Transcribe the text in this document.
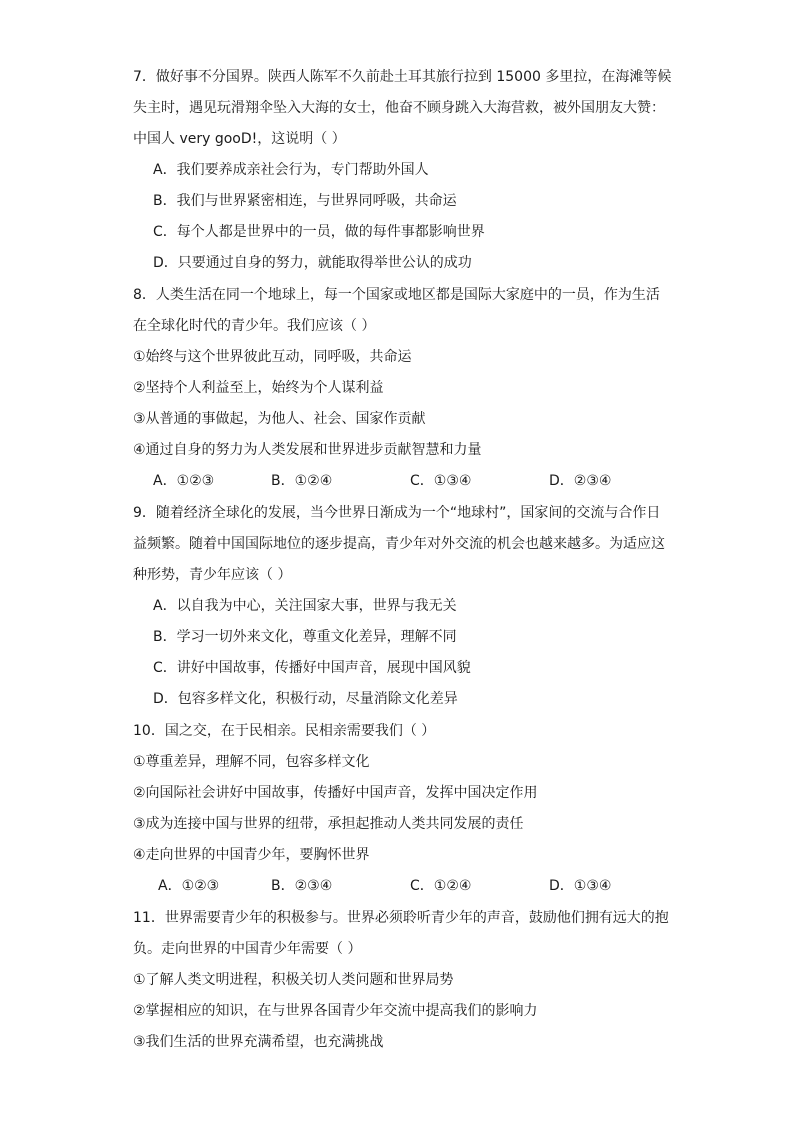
7．做好事不分国界。陕西人陈军不久前赴土耳其旅行拉到 15000 多里拉，在海滩等候
失主时，遇见玩滑翔伞坠入大海的女士，他奋不顾身跳入大海营救，被外国朋友大赞：
中国人 very gooD!，这说明（ ）
A．我们要养成亲社会行为，专门帮助外国人
B．我们与世界紧密相连，与世界同呼吸，共命运
C．每个人都是世界中的一员，做的每件事都影响世界
D．只要通过自身的努力，就能取得举世公认的成功
8．人类生活在同一个地球上，每一个国家或地区都是国际大家庭中的一员，作为生活
在全球化时代的青少年。我们应该（ ）
①始终与这个世界彼此互动，同呼吸，共命运
②坚持个人利益至上，始终为个人谋利益
③从普通的事做起，为他人、社会、国家作贡献
④通过自身的努力为人类发展和世界进步贡献智慧和力量
A．①②③	B．①②④	C．①③④	D．②③④
9．随着经济全球化的发展，当今世界日渐成为一个“地球村”，国家间的交流与合作日
益频繁。随着中国国际地位的逐步提高，青少年对外交流的机会也越来越多。为适应这
种形势，青少年应该（ ）
A．以自我为中心，关注国家大事，世界与我无关
B．学习一切外来文化，尊重文化差异，理解不同
C．讲好中国故事，传播好中国声音，展现中国风貌
D．包容多样文化，积极行动，尽量消除文化差异
10．国之交，在于民相亲。民相亲需要我们（ ）
①尊重差异，理解不同，包容多样文化
②向国际社会讲好中国故事，传播好中国声音，发挥中国决定作用
③成为连接中国与世界的纽带，承担起推动人类共同发展的责任
④走向世界的中国青少年，要胸怀世界
A．①②③	B．②③④	C．①②④	D．①③④
11．世界需要青少年的积极参与。世界必须聆听青少年的声音，鼓励他们拥有远大的抱
负。走向世界的中国青少年需要（ ）
①了解人类文明进程，积极关切人类问题和世界局势
②掌握相应的知识，在与世界各国青少年交流中提高我们的影响力
③我们生活的世界充满希望，也充满挑战
